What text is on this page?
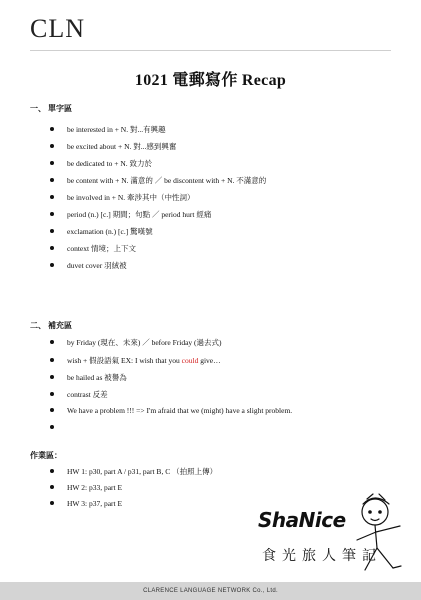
CLN
1021 電郵寫作 Recap
一、 單字區
be interested in + N. 對...有興趣
be excited about + N. 對...感到興奮
be dedicated to + N. 致力於
be content with + N. 滿意的 ／ be discontent with + N. 不滿意的
be involved in + N. 牽涉其中（中性詞）
period (n.) [c.] 期間；句點 ／ period hurt 經痛
exclamation (n.) [c.] 驚嘆號
context 情境；上下文
duvet cover 羽絨被
二、 補充區
by Friday (現在、未來) ／ before Friday (過去式)
wish + 假設語氣 EX: I wish that you could give…
be hailed as 被譽為
contrast 反差
We have a problem !!! => I'm afraid that we (might) have a slight problem.
作業區：
HW 1: p30, part A / p31, part B, C （拍照上傳）
HW 2: p33, part E
HW 3: p37, part E
ShaNice
食光旅人筆記
CLARENCE LANGUAGE NETWORK Co., Ltd.
